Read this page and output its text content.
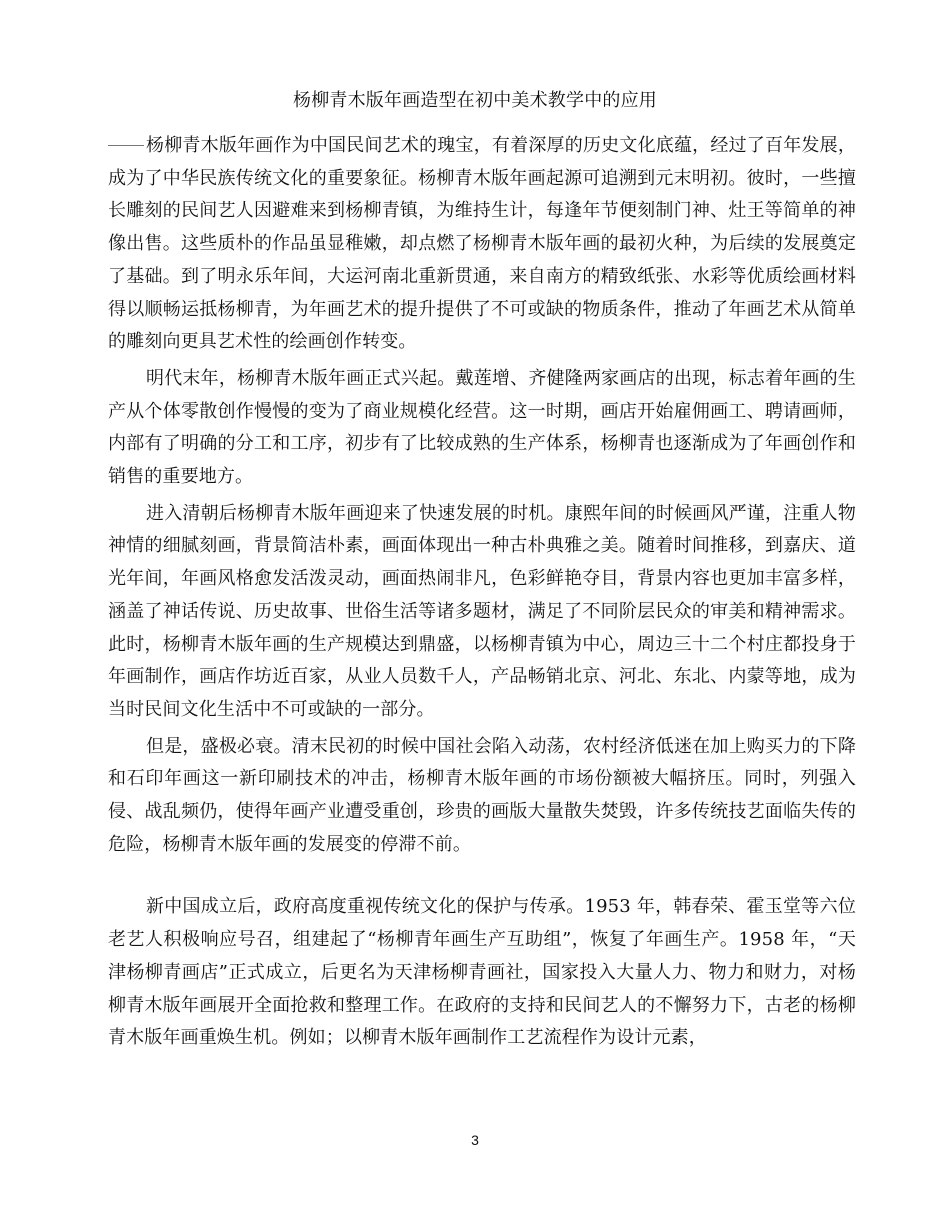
杨柳青木版年画造型在初中美术教学中的应用

杨柳青木版年画作为中国民间艺术的瑰宝，有着深厚的历史文化底蕴，经过了百年发展，成为了中华民族传统文化的重要象征。杨柳青木版年画起源可追溯到元末明初。彼时，一些擅长雕刻的民间艺人因避难来到杨柳青镇，为维持生计，每逢年节便刻制门神、灶王等简单的神像出售。这些质朴的作品虽显稚嫩，却点燃了杨柳青木版年画的最初火种，为后续的发展奠定了基础。到了明永乐年间，大运河南北重新贯通，来自南方的精致纸张、水彩等优质绘画材料得以顺畅运抵杨柳青，为年画艺术的提升提供了不可或缺的物质条件，推动了年画艺术从简单的雕刻向更具艺术性的绘画创作转变。

明代末年，杨柳青木版年画正式兴起。戴莲增、齐健隆两家画店的出现，标志着年画的生产从个体零散创作慢慢的变为了商业规模化经营。这一时期，画店开始雇佣画工、聘请画师，内部有了明确的分工和工序，初步有了比较成熟的生产体系，杨柳青也逐渐成为了年画创作和销售的重要地方。

进入清朝后杨柳青木版年画迎来了快速发展的时机。康熙年间的时候画风严谨，注重人物神情的细腻刻画，背景简洁朴素，画面体现出一种古朴典雅之美。随着时间推移，到嘉庆、道光年间，年画风格愈发活泼灵动，画面热闹非凡，色彩鲜艳夺目，背景内容也更加丰富多样，涵盖了神话传说、历史故事、世俗生活等诸多题材，满足了不同阶层民众的审美和精神需求。此时，杨柳青木版年画的生产规模达到鼎盛，以杨柳青镇为中心，周边三十二个村庄都投身于年画制作，画店作坊近百家，从业人员数千人，产品畅销北京、河北、东北、内蒙等地，成为当时民间文化生活中不可或缺的一部分。

但是，盛极必衰。清末民初的时候中国社会陷入动荡，农村经济低迷在加上购买力的下降和石印年画这一新印刷技术的冲击，杨柳青木版年画的市场份额被大幅挤压。同时，列强入侵、战乱频仍，使得年画产业遭受重创，珍贵的画版大量散失焚毁，许多传统技艺面临失传的危险，杨柳青木版年画的发展变的停滞不前。

新中国成立后，政府高度重视传统文化的保护与传承。1953 年，韩春荣、霍玉堂等六位老艺人积极响应号召，组建起了“杨柳青年画生产互助组”，恢复了年画生产。1958 年，“天津杨柳青画店”正式成立，后更名为天津杨柳青画社，国家投入大量人力、物力和财力，对杨柳青木版年画展开全面抢救和整理工作。在政府的支持和民间艺人的不懈努力下，古老的杨柳青木版年画重焕生机。例如；以柳青木版年画制作工艺流程作为设计元素，

3
